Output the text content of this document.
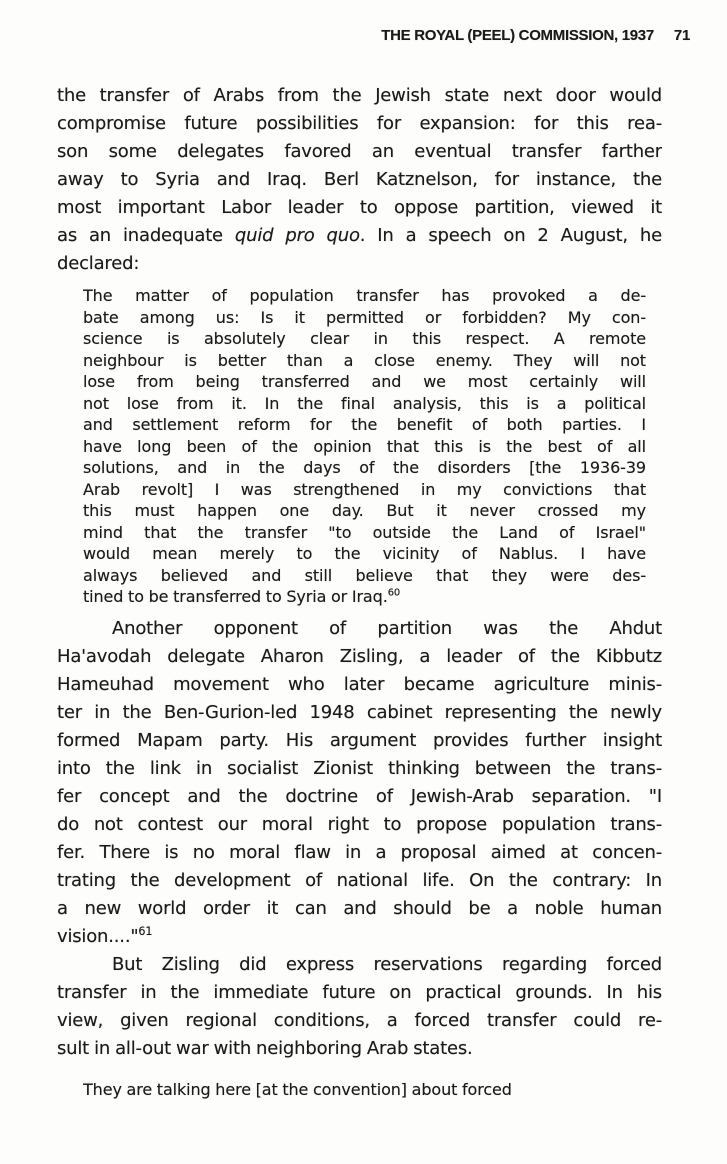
THE ROYAL (PEEL) COMMISSION, 1937 71
the transfer of Arabs from the Jewish state next door would
compromise future possibilities for expansion: for this rea-
son some delegates favored an eventual transfer farther
away to Syria and Iraq. Berl Katznelson, for instance, the
most important Labor leader to oppose partition, viewed it
as an inadequate quid pro quo. In a speech on 2 August, he
declared:
The matter of population transfer has provoked a de-
bate among us: Is it permitted or forbidden? My con-
science is absolutely clear in this respect. A remote
neighbour is better than a close enemy. They will not
lose from being transferred and we most certainly will
not lose from it. In the final analysis, this is a political
and settlement reform for the benefit of both parties. I
have long been of the opinion that this is the best of all
solutions, and in the days of the disorders [the 1936-39
Arab revolt] I was strengthened in my convictions that
this must happen one day. But it never crossed my
mind that the transfer "to outside the Land of Israel"
would mean merely to the vicinity of Nablus. I have
always believed and still believe that they were des-
tined to be transferred to Syria or Iraq.$^{60}$
Another opponent of partition was the Ahdut
Ha'avodah delegate Aharon Zisling, a leader of the Kibbutz
Hameuhad movement who later became agriculture minis-
ter in the Ben-Gurion-led 1948 cabinet representing the newly
formed Mapam party. His argument provides further insight
into the link in socialist Zionist thinking between the trans-
fer concept and the doctrine of Jewish-Arab separation. "I
do not contest our moral right to propose population trans-
fer. There is no moral flaw in a proposal aimed at concen-
trating the development of national life. On the contrary: In
a new world order it can and should be a noble human
vision...."$^{61}$
But Zisling did express reservations regarding forced
transfer in the immediate future on practical grounds. In his
view, given regional conditions, a forced transfer could re-
sult in all-out war with neighboring Arab states.
They are talking here [at the convention] about forced
